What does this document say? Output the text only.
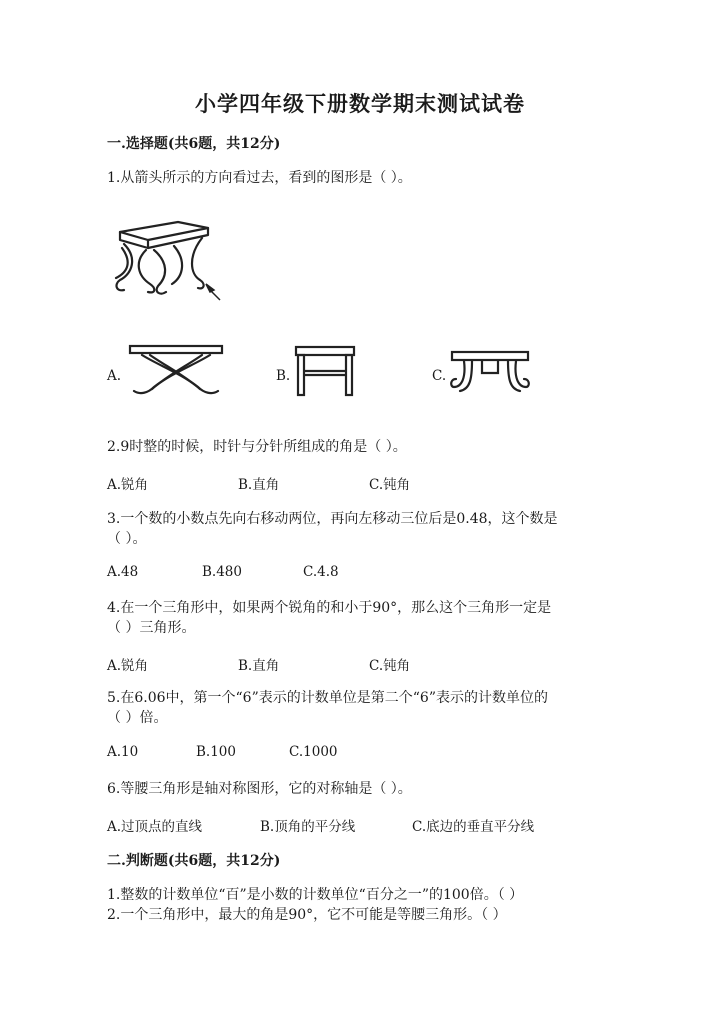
小学四年级下册数学期末测试试卷
一.选择题(共6题，共12分)
1.从箭头所示的方向看过去，看到的图形是（ ）。
A.	B.	C.
2.9时整的时候，时针与分针所组成的角是（ ）。
A.锐角	B.直角	C.钝角
3.一个数的小数点先向右移动两位，再向左移动三位后是0.48，这个数是
（ ）。
A.48	B.480	C.4.8
4.在一个三角形中，如果两个锐角的和小于90°，那么这个三角形一定是
（ ）三角形。
A.锐角	B.直角	C.钝角
5.在6.06中，第一个“6”表示的计数单位是第二个“6”表示的计数单位的
（ ）倍。
A.10	B.100	C.1000
6.等腰三角形是轴对称图形，它的对称轴是（ ）。
A.过顶点的直线	B.顶角的平分线	C.底边的垂直平分线
二.判断题(共6题，共12分)
1.整数的计数单位“百”是小数的计数单位“百分之一”的100倍。（ ）
2.一个三角形中，最大的角是90°，它不可能是等腰三角形。（ ）
